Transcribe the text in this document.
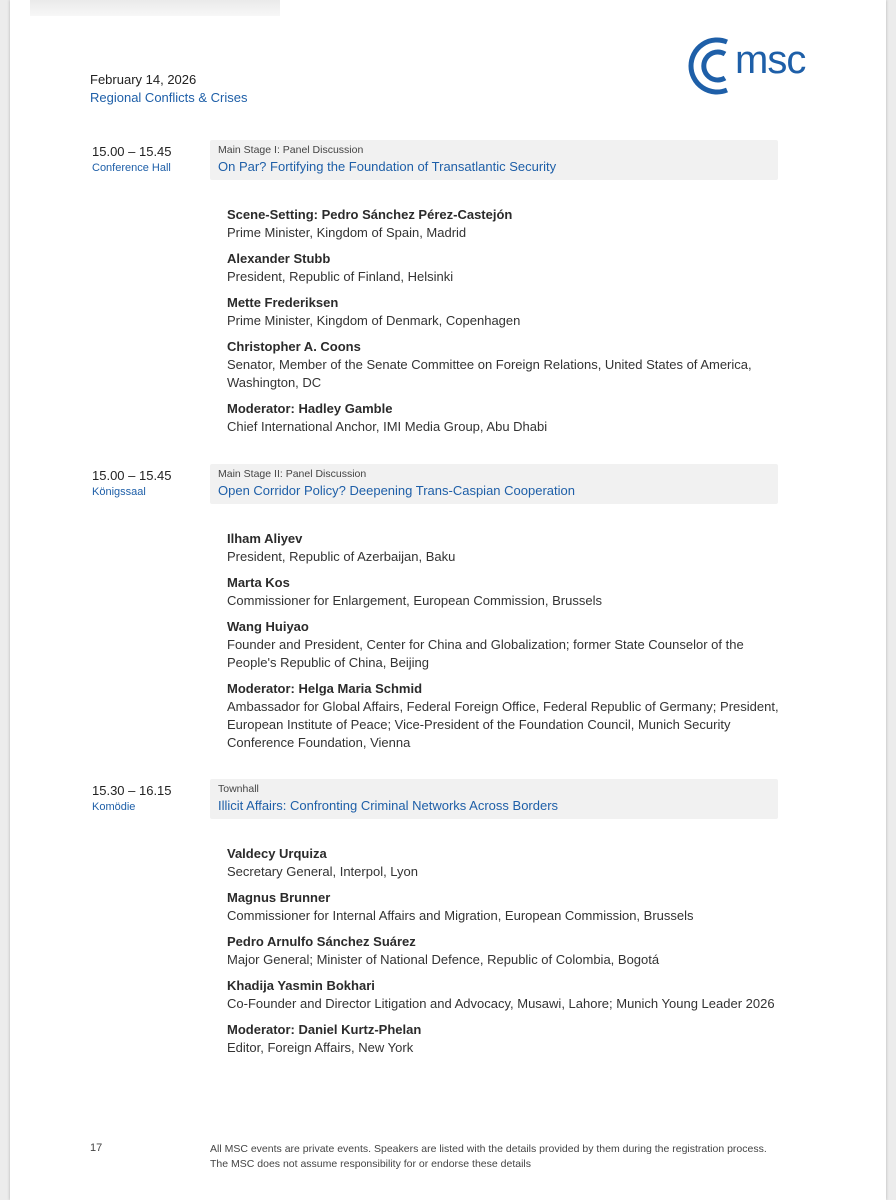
February 14, 2026
Regional Conflicts & Crises
msc
15.00 – 15.45
Conference Hall
Main Stage I: Panel Discussion
On Par? Fortifying the Foundation of Transatlantic Security
Scene-Setting: Pedro Sánchez Pérez-Castejón
Prime Minister, Kingdom of Spain, Madrid
Alexander Stubb
President, Republic of Finland, Helsinki
Mette Frederiksen
Prime Minister, Kingdom of Denmark, Copenhagen
Christopher A. Coons
Senator, Member of the Senate Committee on Foreign Relations, United States of America, Washington, DC
Moderator: Hadley Gamble
Chief International Anchor, IMI Media Group, Abu Dhabi
15.00 – 15.45
Königssaal
Main Stage II: Panel Discussion
Open Corridor Policy? Deepening Trans-Caspian Cooperation
Ilham Aliyev
President, Republic of Azerbaijan, Baku
Marta Kos
Commissioner for Enlargement, European Commission, Brussels
Wang Huiyao
Founder and President, Center for China and Globalization; former State Counselor of the People's Republic of China, Beijing
Moderator: Helga Maria Schmid
Ambassador for Global Affairs, Federal Foreign Office, Federal Republic of Germany; President, European Institute of Peace; Vice-President of the Foundation Council, Munich Security Conference Foundation, Vienna
15.30 – 16.15
Komödie
Townhall
Illicit Affairs: Confronting Criminal Networks Across Borders
Valdecy Urquiza
Secretary General, Interpol, Lyon
Magnus Brunner
Commissioner for Internal Affairs and Migration, European Commission, Brussels
Pedro Arnulfo Sánchez Suárez
Major General; Minister of National Defence, Republic of Colombia, Bogotá
Khadija Yasmin Bokhari
Co-Founder and Director Litigation and Advocacy, Musawi, Lahore; Munich Young Leader 2026
Moderator: Daniel Kurtz-Phelan
Editor, Foreign Affairs, New York
17	All MSC events are private events. Speakers are listed with the details provided by them during the registration process.
The MSC does not assume responsibility for or endorse these details
